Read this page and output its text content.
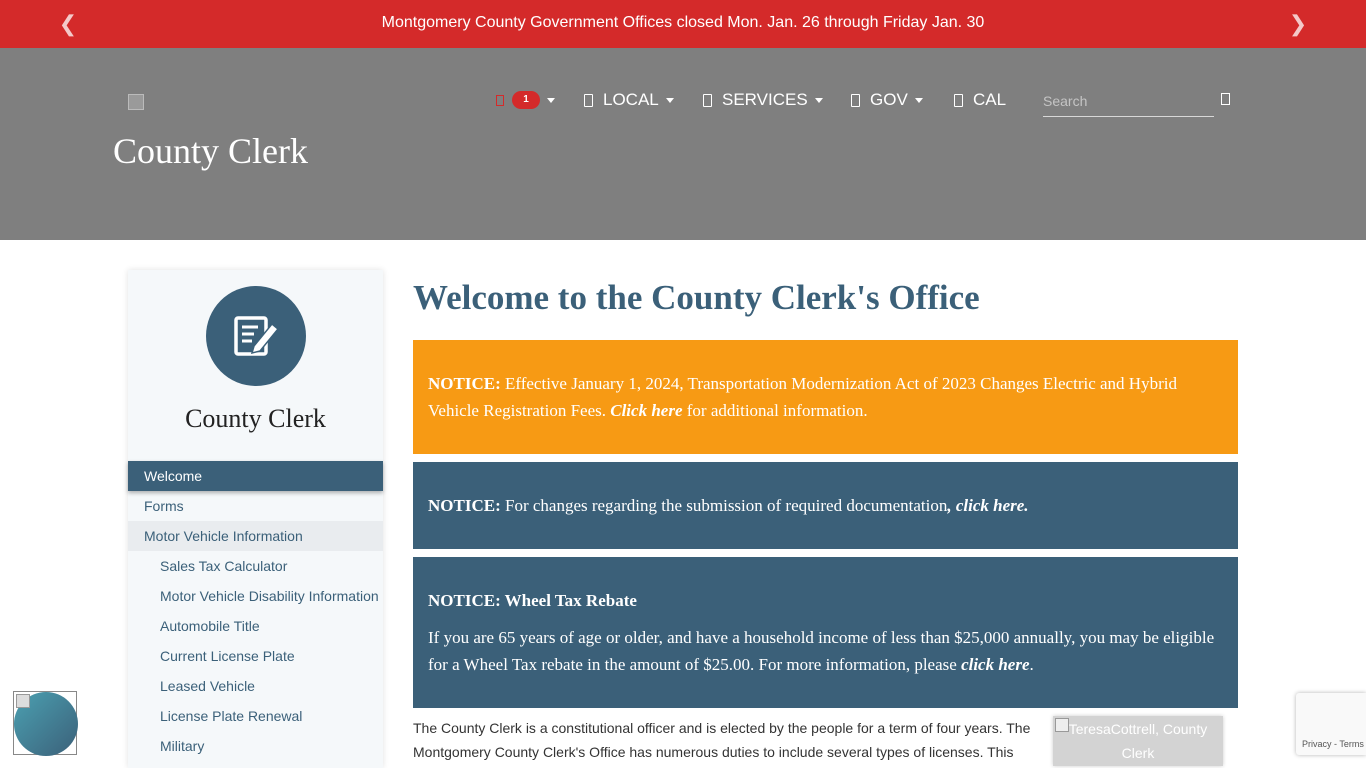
❮	Montgomery County Government Offices closed Mon. Jan. 26 through Friday Jan. 30	❯
County Clerk
1	LOCAL	SERVICES	GOV	CAL
Search
County Clerk
Welcome
Forms
Motor Vehicle Information
Sales Tax Calculator
Motor Vehicle Disability Information
Automobile Title
Current License Plate
Leased Vehicle
License Plate Renewal
Military
Welcome to the County Clerk's Office
NOTICE: Effective January 1, 2024, Transportation Modernization Act of 2023 Changes Electric and Hybrid Vehicle Registration Fees. Click here for additional information.
NOTICE: For changes regarding the submission of required documentation, click here.
NOTICE: Wheel Tax Rebate
If you are 65 years of age or older, and have a household income of less than $25,000 annually, you may be eligible for a Wheel Tax rebate in the amount of $25.00. For more information, please click here.

The County Clerk is a constitutional officer and is elected by the people for a term of four years. The Montgomery County Clerk's Office has numerous duties to include several types of licenses. This

TeresaCottrell, County Clerk
Privacy - Terms
